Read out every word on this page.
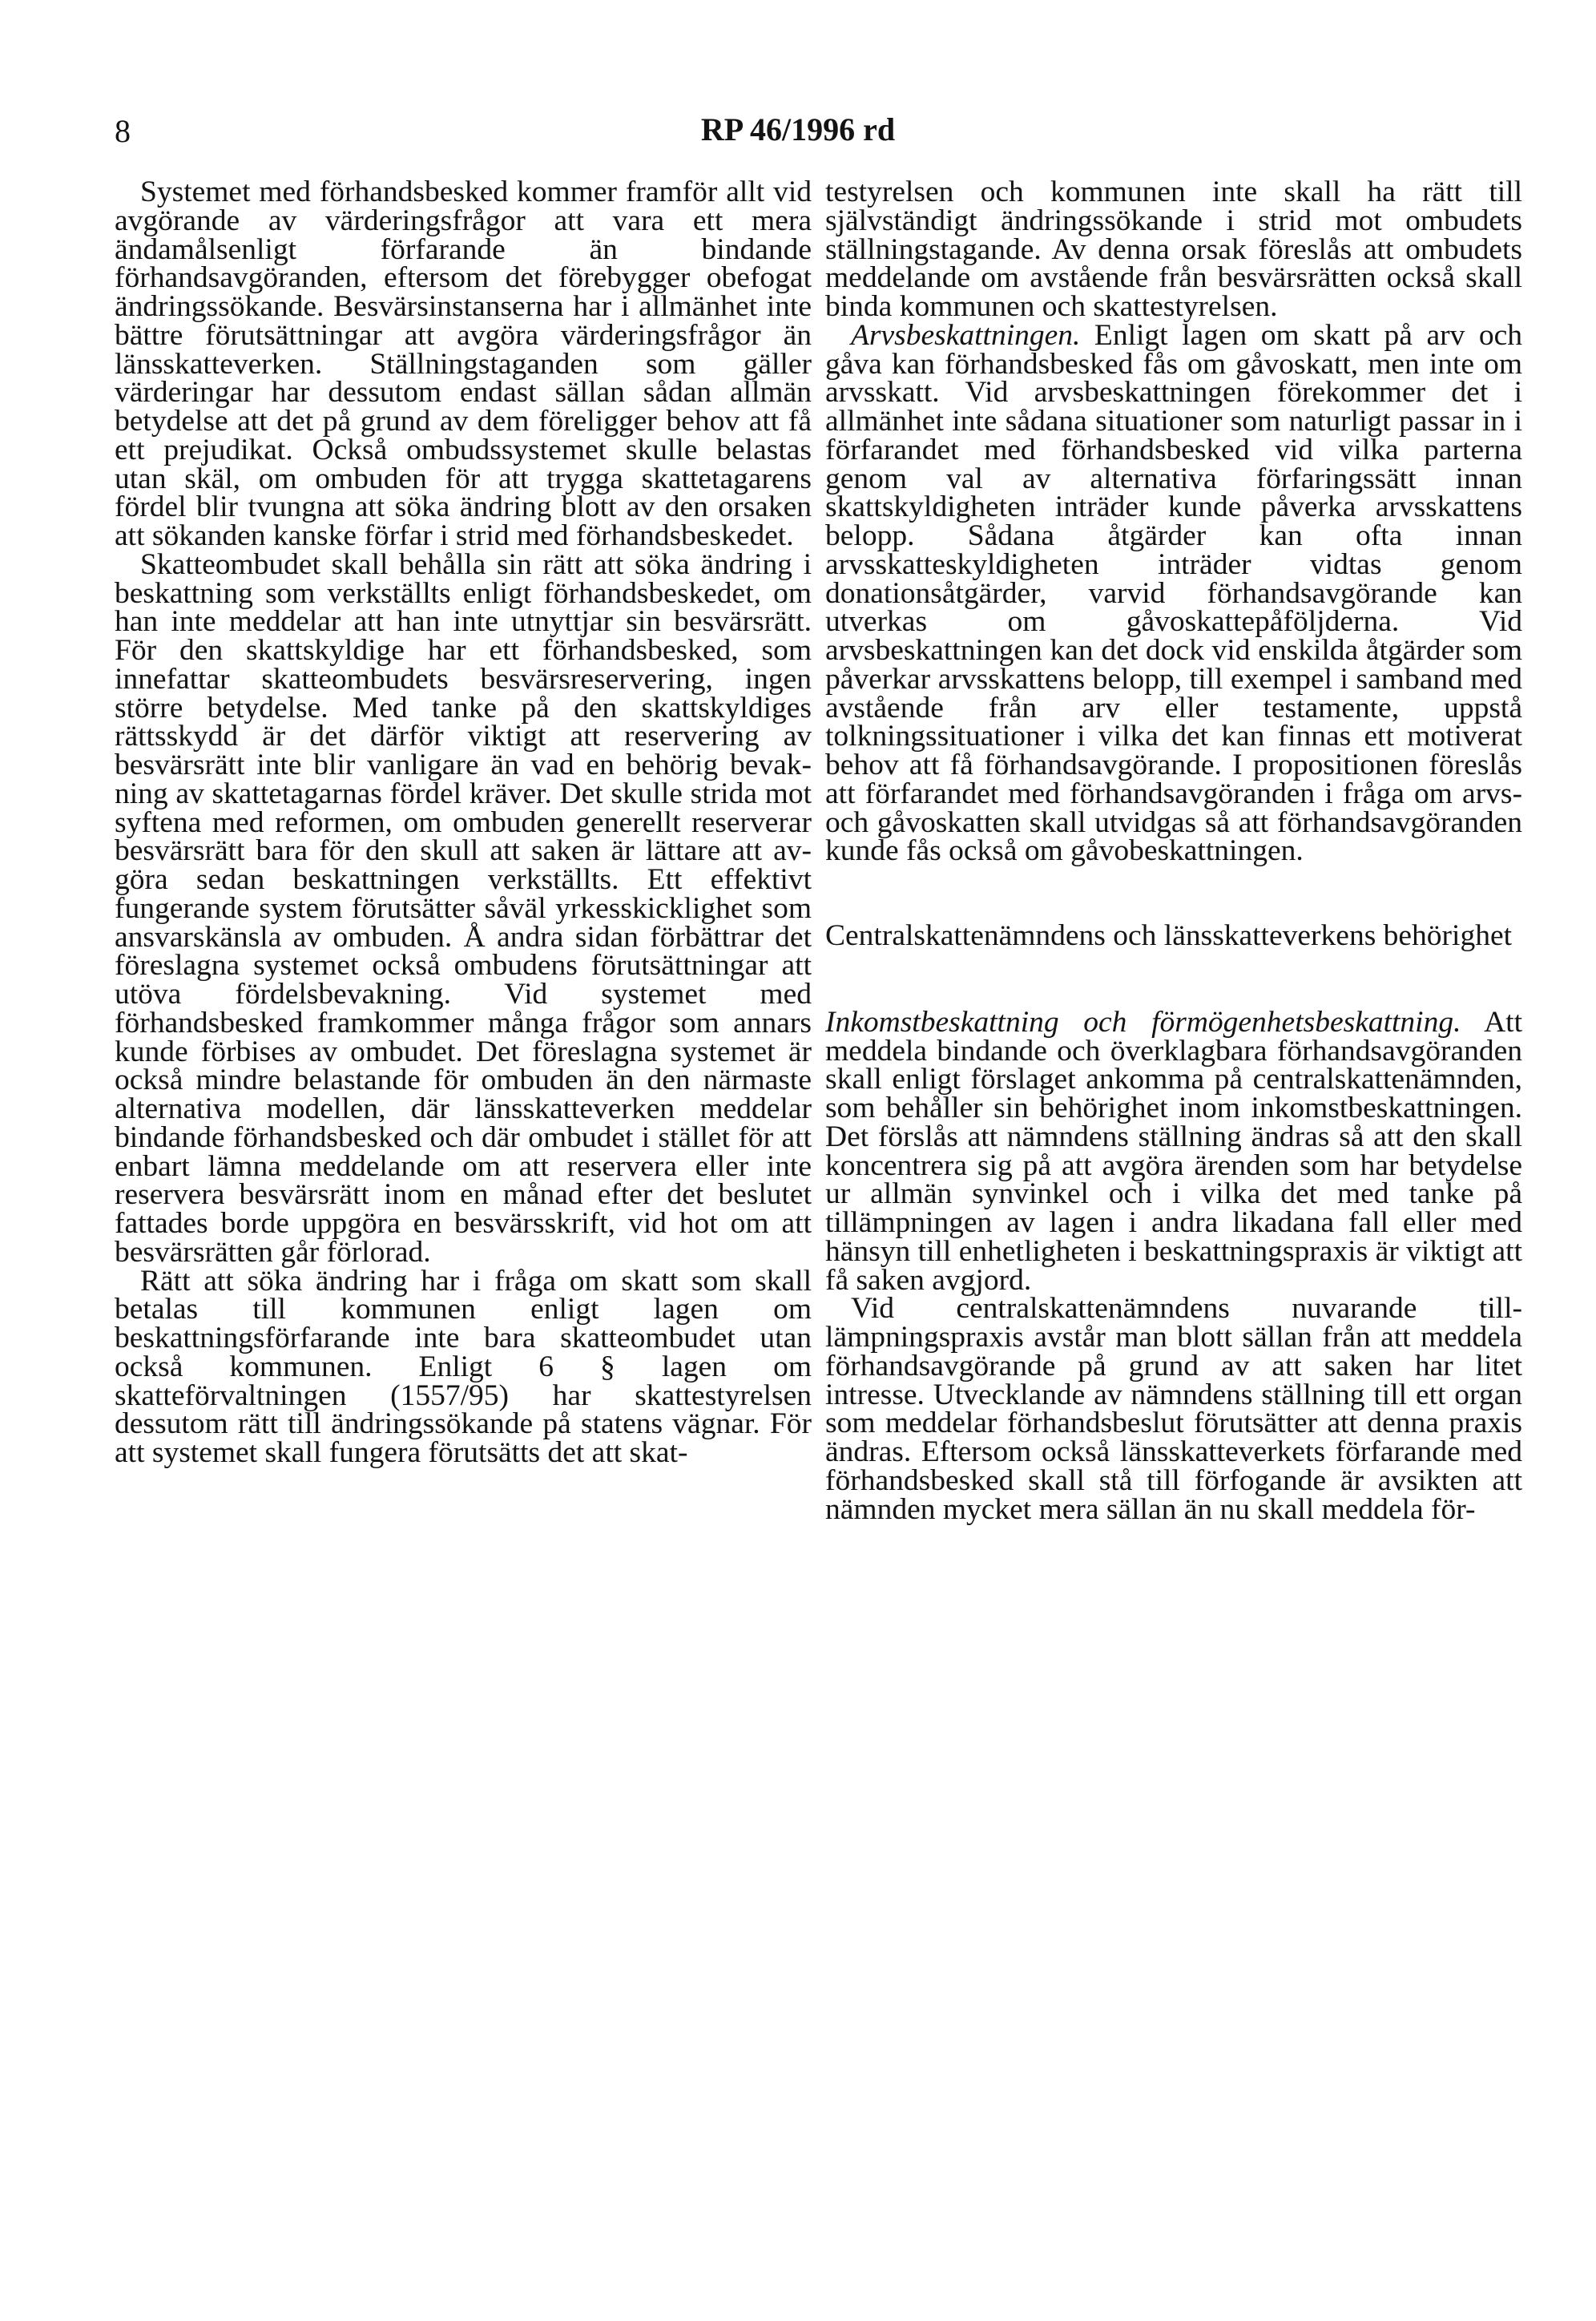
8	RP 46/1996 rd

Systemet med förhandsbesked kommer framför allt vid avgörande av värderingsfrågor att vara ett mera ändamålsenligt förfarande än bindande förhandsavgöranden, eftersom det förebygger obefogat ändringssökande. Besvärsinstanserna har i allmänhet inte bättre förutsättningar att avgöra värderingsfrågor än länsskatteverken. Ställningstaganden som gäller värderingar har dessutom endast sällan sådan allmän betydelse att det på grund av dem föreligger behov att få ett prejudikat. Också ombudssystemet skulle belastas utan skäl, om ombuden för att trygga skattetagarens fördel blir tvungna att söka ändring blott av den orsaken att sökanden kanske förfar i strid med förhandsbeskedet.

Skatteombudet skall behålla sin rätt att söka ändring i beskattning som verkställts enligt förhandsbeskedet, om han inte meddelar att han inte utnyttjar sin besvärsrätt. För den skattskyldige har ett förhandsbesked, som innefattar skatteombudets besvärsreservering, ingen större betydelse. Med tanke på den skattskyldiges rättsskydd är det därför viktigt att reservering av besvärsrätt inte blir vanligare än vad en behörig bevakning av skattetagarnas fördel kräver. Det skulle strida mot syftena med reformen, om ombuden generellt reserverar besvärsrätt bara för den skull att saken är lättare att avgöra sedan beskattningen verkställts. Ett effektivt fungerande system förutsätter såväl yrkesskicklighet som ansvarskänsla av ombuden. Å andra sidan förbättrar det föreslagna systemet också ombudens förutsättningar att utöva fördelsbevakning. Vid systemet med förhandsbesked framkommer många frågor som annars kunde förbises av ombudet. Det föreslagna systemet är också mindre belastande för ombuden än den närmaste alternativa modellen, där länsskatteverken meddelar bindande förhandsbesked och där ombudet i stället för att enbart lämna meddelande om att reservera eller inte reservera besvärsrätt inom en månad efter det beslutet fattades borde uppgöra en besvärsskrift, vid hot om att besvärsrätten går förlorad.

Rätt att söka ändring har i fråga om skatt som skall betalas till kommunen enligt lagen om beskattningsförfarande inte bara skatteombudet utan också kommunen. Enligt 6 § lagen om skatteförvaltningen (1557/95) har skattestyrelsen dessutom rätt till ändringssökande på statens vägnar. För att systemet skall fungera förutsätts det att skat-

testyrelsen och kommunen inte skall ha rätt till självständigt ändringssökande i strid mot ombudets ställningstagande. Av denna orsak föreslås att ombudets meddelande om avstående från besvärsrätten också skall binda kommunen och skattestyrelsen.

Arvsbeskattningen. Enligt lagen om skatt på arv och gåva kan förhandsbesked fås om gåvoskatt, men inte om arvsskatt. Vid arvsbeskattningen förekommer det i allmänhet inte sådana situationer som naturligt passar in i förfarandet med förhandsbesked vid vilka parterna genom val av alternativa förfaringssätt innan skattskyldigheten inträder kunde påverka arvsskattens belopp. Sådana åtgärder kan ofta innan arvsskatteskyldigheten inträder vidtas genom donationsåtgärder, varvid förhandsavgörande kan utverkas om gåvoskattepåföljderna. Vid arvsbeskattningen kan det dock vid enskilda åtgärder som påverkar arvsskattens belopp, till exempel i samband med avstående från arv eller testamente, uppstå tolkningssituationer i vilka det kan finnas ett motiverat behov att få förhandsavgörande. I propositionen föreslås att förfarandet med förhandsavgöranden i fråga om arvs- och gåvoskatten skall utvidgas så att förhandsavgöranden kunde fås också om gåvobeskattningen.

Centralskattenämndens och länsskatteverkens behörighet

Inkomstbeskattning och förmögenhetsbeskattning. Att meddela bindande och överklagbara förhandsavgöranden skall enligt förslaget ankomma på centralskattenämnden, som behåller sin behörighet inom inkomstbeskattningen. Det förslås att nämndens ställning ändras så att den skall koncentrera sig på att avgöra ärenden som har betydelse ur allmän synvinkel och i vilka det med tanke på tillämpningen av lagen i andra likadana fall eller med hänsyn till enhetligheten i beskattningspraxis är viktigt att få saken avgjord.

Vid centralskattenämndens nuvarande tilllämpningspraxis avstår man blott sällan från att meddela förhandsavgörande på grund av att saken har litet intresse. Utvecklande av nämndens ställning till ett organ som meddelar förhandsbeslut förutsätter att denna praxis ändras. Eftersom också länsskatteverkets förfarande med förhandsbesked skall stå till förfogande är avsikten att nämnden mycket mera sällan än nu skall meddela för-
